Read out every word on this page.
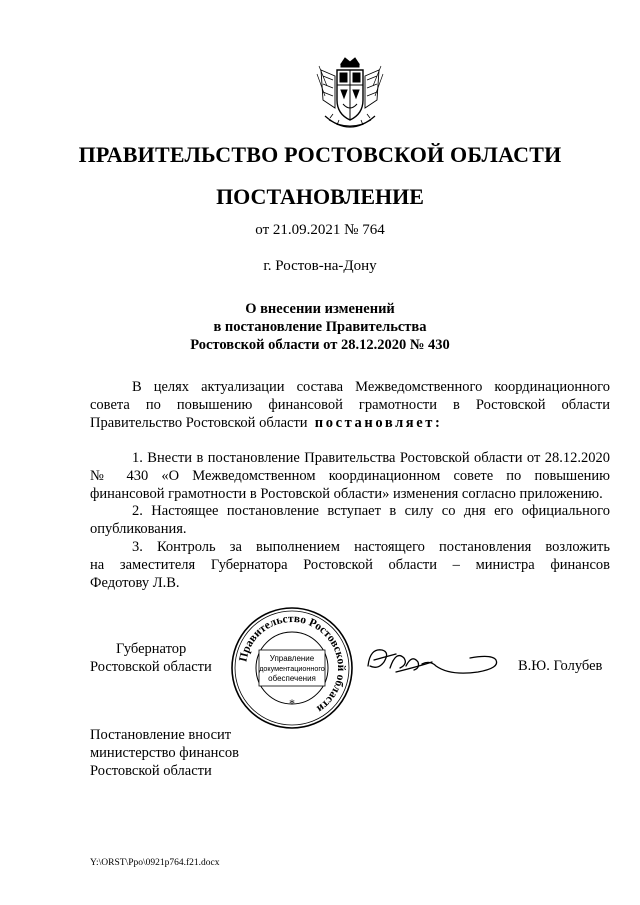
ПРАВИТЕЛЬСТВО РОСТОВСКОЙ ОБЛАСТИ
ПОСТАНОВЛЕНИЕ
от 21.09.2021 № 764
г. Ростов-на-Дону
О внесении изменений
в постановление Правительства
Ростовской области от 28.12.2020 № 430
В целях актуализации состава Межведомственного координационного
совета по повышению финансовой грамотности в Ростовской области
Правительство Ростовской области постановляет:
1. Внести в постановление Правительства Ростовской области от 28.12.2020
№ 430 «О Межведомственном координационном совете по повышению
финансовой грамотности в Ростовской области» изменения согласно приложению.
2. Настоящее постановление вступает в силу со дня его официального
опубликования.
3. Контроль за выполнением настоящего постановления возложить
на заместителя Губернатора Ростовской области – министра финансов
Федотову Л.В.
Губернатор
Ростовской области
Правительство Ростовской области
Управление
документационного
обеспечения
*
В.Ю. Голубев
Постановление вносит
министерство финансов
Ростовской области
Y:\ORST\Ppo\0921p764.f21.docx
